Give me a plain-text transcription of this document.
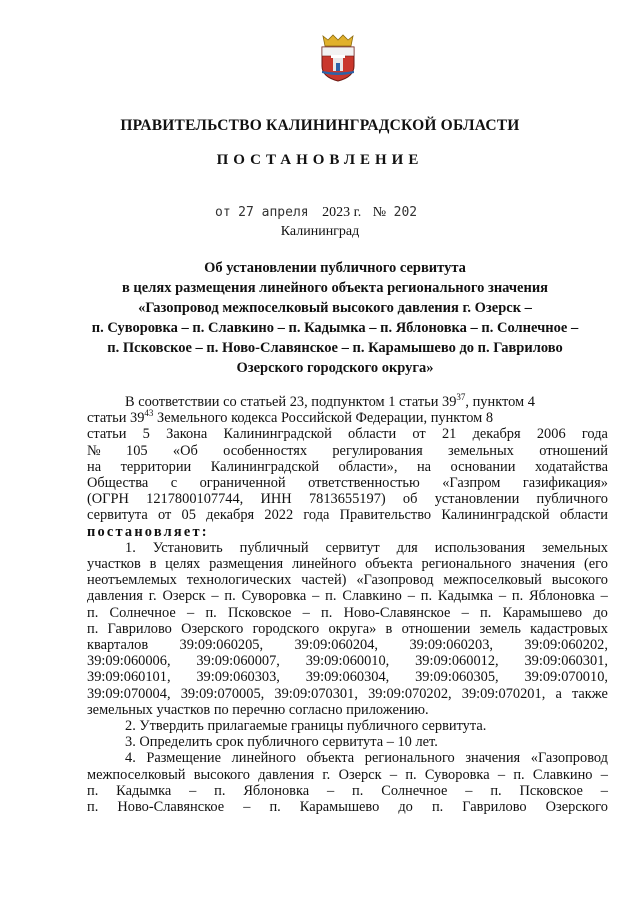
ПРАВИТЕЛЬСТВО КАЛИНИНГРАДСКОЙ ОБЛАСТИ
ПОСТАНОВЛЕНИЕ
от 27 апреля 2023 г. № 202
Калининград
Об установлении публичного сервитута
в целях размещения линейного объекта регионального значения
«Газопровод межпоселковый высокого давления г. Озерск –
п. Суворовка – п. Славкино – п. Кадымка – п. Яблоновка – п. Солнечное –
п. Псковское – п. Ново-Славянское – п. Карамышево до п. Гаврилово
Озерского городского округа»
В соответствии со статьей 23, подпунктом 1 статьи $39^{37}$, пунктом 4
статьи $39^{43}$ Земельного кодекса Российской Федерации, пунктом 8
статьи 5 Закона Калининградской области от 21 декабря 2006 года
№ 105 «Об особенностях регулирования земельных отношений
на территории Калининградской области», на основании ходатайства
Общества с ограниченной ответственностью «Газпром газификация»
(ОГРН 1217800107744, ИНН 7813655197) об установлении публичного
сервитута от 05 декабря 2022 года Правительство Калининградской области
постановляет:
1. Установить публичный сервитут для использования земельных
участков в целях размещения линейного объекта регионального значения (его
неотъемлемых технологических частей) «Газопровод межпоселковый высокого
давления г. Озерск – п. Суворовка – п. Славкино – п. Кадымка – п. Яблоновка –
п. Солнечное – п. Псковское – п. Ново-Славянское – п. Карамышево до
п. Гаврилово Озерского городского округа» в отношении земель кадастровых
кварталов 39:09:060205, 39:09:060204, 39:09:060203, 39:09:060202,
39:09:060006, 39:09:060007, 39:09:060010, 39:09:060012, 39:09:060301,
39:09:060101, 39:09:060303, 39:09:060304, 39:09:060305, 39:09:070010,
39:09:070004, 39:09:070005, 39:09:070301, 39:09:070202, 39:09:070201, а также
земельных участков по перечню согласно приложению.
2. Утвердить прилагаемые границы публичного сервитута.
3. Определить срок публичного сервитута – 10 лет.
4. Размещение линейного объекта регионального значения «Газопровод
межпоселковый высокого давления г. Озерск – п. Суворовка – п. Славкино –
п. Кадымка – п. Яблоновка – п. Солнечное – п. Псковское –
п. Ново-Славянское – п. Карамышево до п. Гаврилово Озерского
